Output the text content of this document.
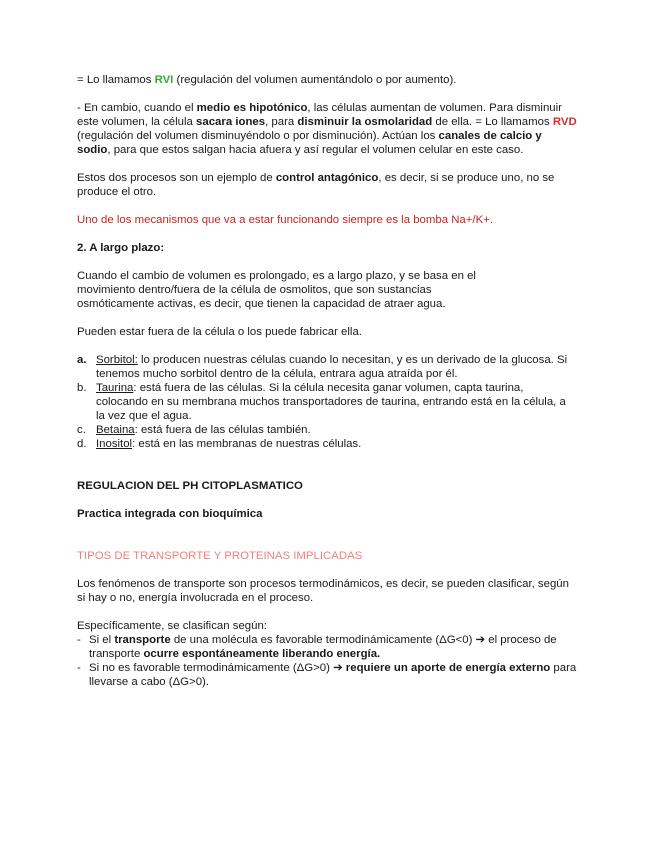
= Lo llamamos RVI (regulación del volumen aumentándolo o por aumento).

- En cambio, cuando el medio es hipotónico, las células aumentan de volumen. Para disminuir este volumen, la célula sacara iones, para disminuir la osmolaridad de ella. = Lo llamamos RVD (regulación del volumen disminuyéndolo o por disminución). Actúan los canales de calcio y sodio, para que estos salgan hacia afuera y así regular el volumen celular en este caso.

Estos dos procesos son un ejemplo de control antagónico, es decir, si se produce uno, no se produce el otro.

Uno de los mecanismos que va a estar funcionando siempre es la bomba Na+/K+.

2. A largo plazo:

Cuando el cambio de volumen es prolongado, es a largo plazo, y se basa en el movimiento dentro/fuera de la célula de osmolitos, que son sustancias osmóticamente activas, es decir, que tienen la capacidad de atraer agua.

Pueden estar fuera de la célula o los puede fabricar ella.

a. Sorbitol: lo producen nuestras células cuando lo necesitan, y es un derivado de la glucosa. Si tenemos mucho sorbitol dentro de la célula, entrara agua atraída por él.
b. Taurina: está fuera de las células. Si la célula necesita ganar volumen, capta taurina, colocando en su membrana muchos transportadores de taurina, entrando está en la célula, a la vez que el agua.
c. Betaina: está fuera de las células también.
d. Inositol: está en las membranas de nuestras células.

REGULACION DEL PH CITOPLASMATICO

Practica integrada con bioquímica

TIPOS DE TRANSPORTE Y PROTEINAS IMPLICADAS

Los fenómenos de transporte son procesos termodinámicos, es decir, se pueden clasificar, según si hay o no, energía involucrada en el proceso.

Específicamente, se clasifican según:

- Si el transporte de una molécula es favorable termodinámicamente (ΔG<0) ➔ el proceso de transporte ocurre espontáneamente liberando energía.
- Si no es favorable termodinámicamente (ΔG>0) ➔ requiere un aporte de energía externo para llevarse a cabo (ΔG>0).
